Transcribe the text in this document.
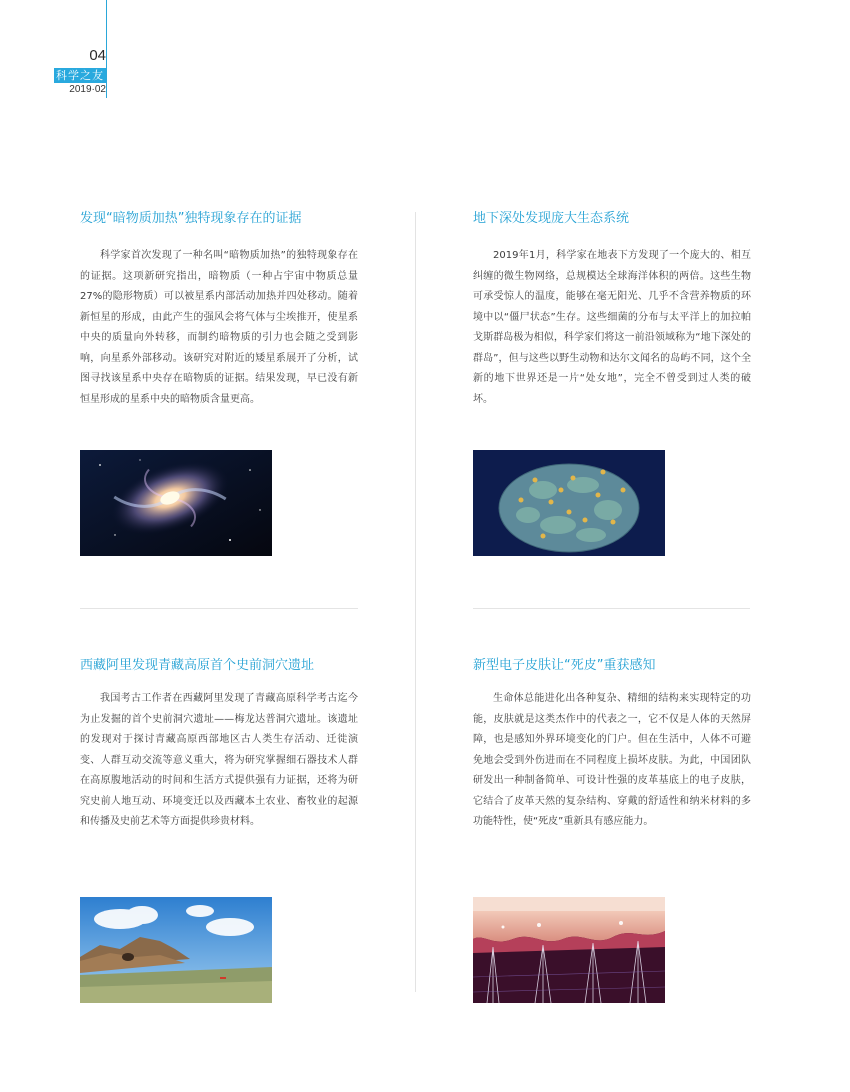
04
科学之友
2019·02
发现“暗物质加热”独特现象存在的证据

科学家首次发现了一种名叫“暗物质加热”的独特现象存在的证据。这项新研究指出，暗物质（一种占宇宙中物质总量27%的隐形物质）可以被星系内部活动加热并四处移动。随着新恒星的形成，由此产生的强风会将气体与尘埃推开，使星系中央的质量向外转移，而制约暗物质的引力也会随之受到影响，向星系外部移动。该研究对附近的矮星系展开了分析，试图寻找该星系中央存在暗物质的证据。结果发现，早已没有新恒星形成的星系中央的暗物质含量更高。

地下深处发现庞大生态系统

2019年1月，科学家在地表下方发现了一个庞大的、相互纠缠的微生物网络，总规模达全球海洋体积的两倍。这些生物可承受惊人的温度，能够在毫无阳光、几乎不含营养物质的环境中以“僵尸状态”生存。这些细菌的分布与太平洋上的加拉帕戈斯群岛极为相似，科学家们将这一前沿领域称为“地下深处的群岛”，但与这些以野生动物和达尔文闻名的岛屿不同，这个全新的地下世界还是一片“处女地”，完全不曾受到过人类的破坏。

西藏阿里发现青藏高原首个史前洞穴遗址

我国考古工作者在西藏阿里发现了青藏高原科学考古迄今为止发掘的首个史前洞穴遗址——梅龙达普洞穴遗址。该遗址的发现对于探讨青藏高原西部地区古人类生存活动、迁徙演变、人群互动交流等意义重大，将为研究掌握细石器技术人群在高原腹地活动的时间和生活方式提供强有力证据，还将为研究史前人地互动、环境变迁以及西藏本土农业、畜牧业的起源和传播及史前艺术等方面提供珍贵材料。

新型电子皮肤让“死皮”重获感知

生命体总能进化出各种复杂、精细的结构来实现特定的功能，皮肤就是这类杰作中的代表之一，它不仅是人体的天然屏障，也是感知外界环境变化的门户。但在生活中，人体不可避免地会受到外伤进而在不同程度上损坏皮肤。为此，中国团队研发出一种制备简单、可设计性强的皮革基底上的电子皮肤，它结合了皮革天然的复杂结构、穿戴的舒适性和纳米材料的多功能特性，使“死皮”重新具有感应能力。
